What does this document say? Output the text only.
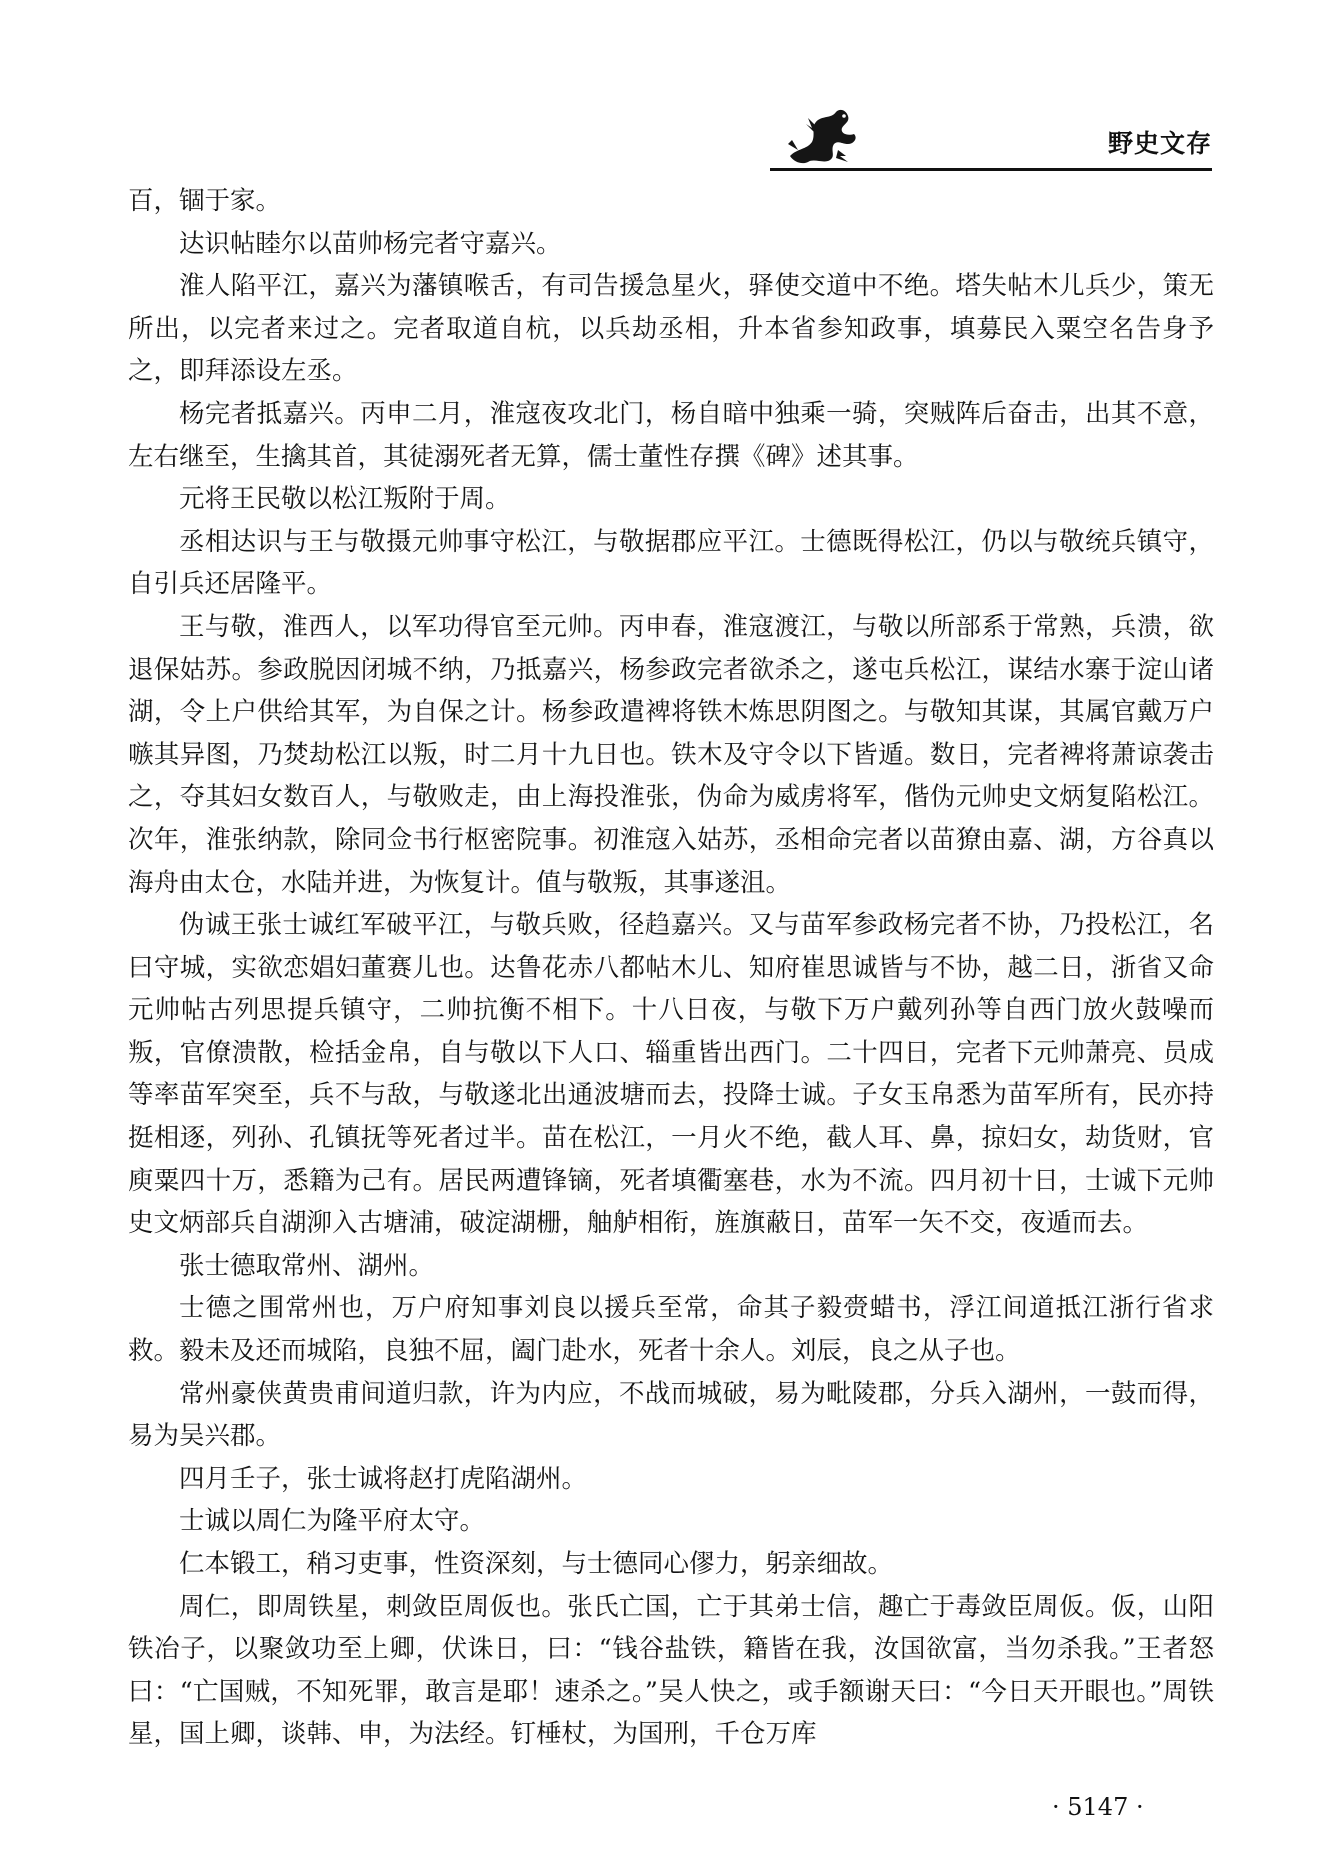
野史文存

百，锢于家。

达识帖睦尔以苗帅杨完者守嘉兴。

淮人陷平江，嘉兴为藩镇喉舌，有司告援急星火，驿使交道中不绝。塔失帖木儿兵少，策无所出，以完者来过之。完者取道自杭，以兵劫丞相，升本省参知政事，填募民入粟空名告身予之，即拜添设左丞。

杨完者抵嘉兴。丙申二月，淮寇夜攻北门，杨自暗中独乘一骑，突贼阵后奋击，出其不意，左右继至，生擒其首，其徒溺死者无算，儒士董性存撰《碑》述其事。

元将王民敬以松江叛附于周。

丞相达识与王与敬摄元帅事守松江，与敬据郡应平江。士德既得松江，仍以与敬统兵镇守，自引兵还居隆平。

王与敬，淮西人，以军功得官至元帅。丙申春，淮寇渡江，与敬以所部系于常熟，兵溃，欲退保姑苏。参政脱因闭城不纳，乃抵嘉兴，杨参政完者欲杀之，遂屯兵松江，谋结水寨于淀山诸湖，令上户供给其军，为自保之计。杨参政遣裨将铁木炼思阴图之。与敬知其谋，其属官戴万户嗾其异图，乃焚劫松江以叛，时二月十九日也。铁木及守令以下皆遁。数日，完者裨将萧谅袭击之，夺其妇女数百人，与敬败走，由上海投淮张，伪命为威虏将军，偕伪元帅史文炳复陷松江。次年，淮张纳款，除同佥书行枢密院事。初淮寇入姑苏，丞相命完者以苗獠由嘉、湖，方谷真以海舟由太仓，水陆并进，为恢复计。值与敬叛，其事遂沮。

伪诚王张士诚红军破平江，与敬兵败，径趋嘉兴。又与苗军参政杨完者不协，乃投松江，名曰守城，实欲恋娼妇董赛儿也。达鲁花赤八都帖木儿、知府崔思诚皆与不协，越二日，浙省又命元帅帖古列思提兵镇守，二帅抗衡不相下。十八日夜，与敬下万户戴列孙等自西门放火鼓噪而叛，官僚溃散，检括金帛，自与敬以下人口、辎重皆出西门。二十四日，完者下元帅萧亮、员成等率苗军突至，兵不与敌，与敬遂北出通波塘而去，投降士诚。子女玉帛悉为苗军所有，民亦持挺相逐，列孙、孔镇抚等死者过半。苗在松江，一月火不绝，截人耳、鼻，掠妇女，劫货财，官庾粟四十万，悉籍为己有。居民两遭锋镝，死者填衢塞巷，水为不流。四月初十日，士诚下元帅史文炳部兵自湖泖入古塘浦，破淀湖栅，舳舻相衔，旌旗蔽日，苗军一矢不交，夜遁而去。

张士德取常州、湖州。

士德之围常州也，万户府知事刘良以援兵至常，命其子毅赍蜡书，浮江间道抵江浙行省求救。毅未及还而城陷，良独不屈，阖门赴水，死者十余人。刘辰，良之从子也。

常州豪侠黄贵甫间道归款，许为内应，不战而城破，易为毗陵郡，分兵入湖州，一鼓而得，易为吴兴郡。

四月壬子，张士诚将赵打虎陷湖州。

士诚以周仁为隆平府太守。

仁本锻工，稍习吏事，性资深刻，与士德同心僇力，躬亲细故。

周仁，即周铁星，刺敛臣周仮也。张氏亡国，亡于其弟士信，趣亡于毒敛臣周仮。仮，山阳铁冶子，以聚敛功至上卿，伏诛日，曰：“钱谷盐铁，籍皆在我，汝国欲富，当勿杀我。”王者怒曰：“亡国贼，不知死罪，敢言是耶！速杀之。”吴人快之，或手额谢天曰：“今日天开眼也。”周铁星，国上卿，谈韩、申，为法经。钉棰杖，为国刑，千仓万库

· 5147 ·
